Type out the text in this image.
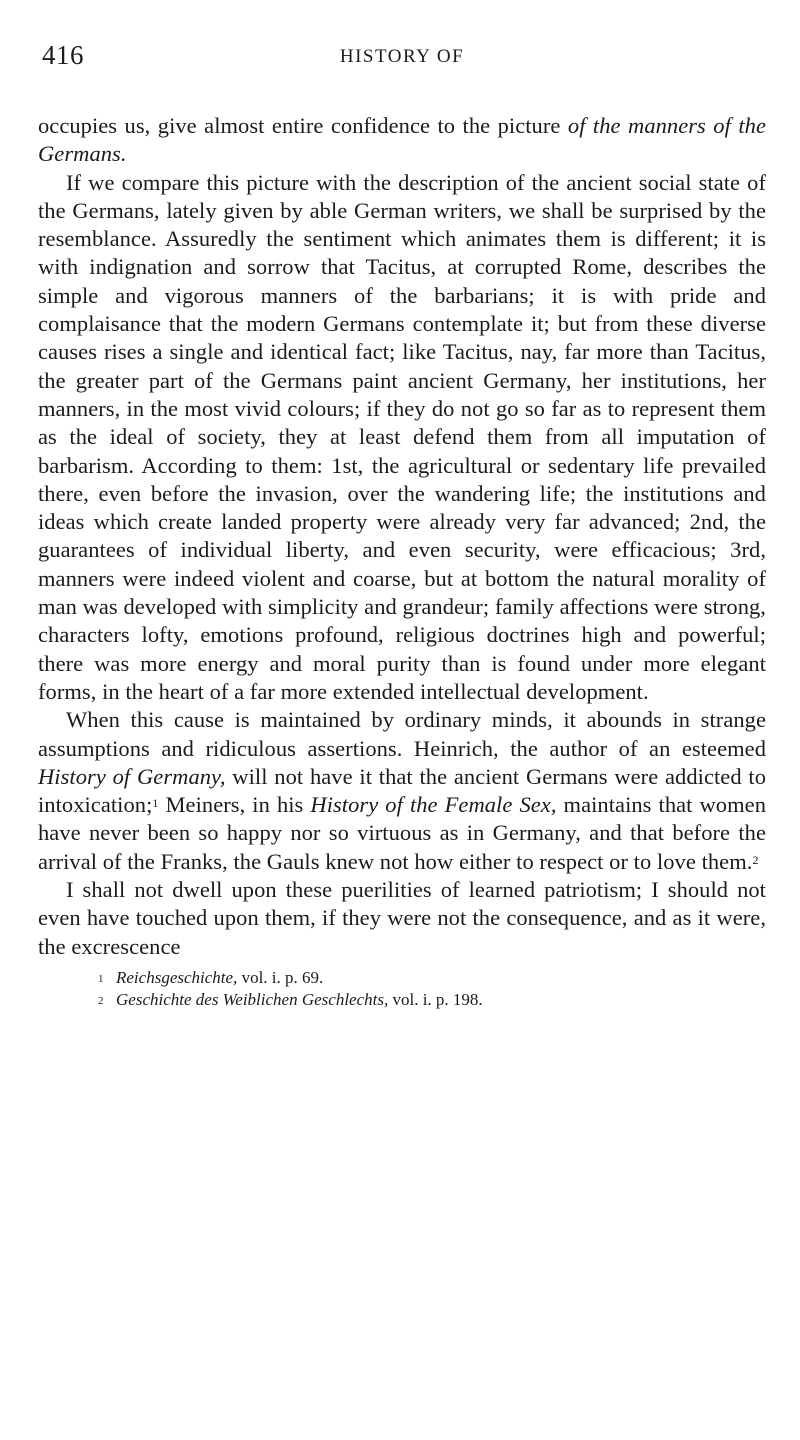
416	HISTORY OF

occupies us, give almost entire confidence to the picture of the manners of the Germans.

If we compare this picture with the description of the ancient social state of the Germans, lately given by able German writers, we shall be surprised by the resemblance. Assuredly the sentiment which animates them is different; it is with indignation and sorrow that Tacitus, at corrupted Rome, describes the simple and vigorous manners of the barbarians; it is with pride and complaisance that the modern Germans contemplate it; but from these diverse causes rises a single and identical fact; like Tacitus, nay, far more than Tacitus, the greater part of the Germans paint ancient Germany, her institutions, her manners, in the most vivid colours; if they do not go so far as to represent them as the ideal of society, they at least defend them from all imputation of barbarism. According to them: 1st, the agricultural or sedentary life prevailed there, even before the invasion, over the wandering life; the institutions and ideas which create landed property were already very far advanced; 2nd, the guarantees of individual liberty, and even security, were efficacious; 3rd, manners were indeed violent and coarse, but at bottom the natural morality of man was developed with simplicity and grandeur; family affections were strong, characters lofty, emotions profound, religious doctrines high and powerful; there was more energy and moral purity than is found under more elegant forms, in the heart of a far more extended intellectual development.

When this cause is maintained by ordinary minds, it abounds in strange assumptions and ridiculous assertions. Heinrich, the author of an esteemed History of Germany, will not have it that the ancient Germans were addicted to intoxication;$^1$ Meiners, in his History of the Female Sex, maintains that women have never been so happy nor so virtuous as in Germany, and that before the arrival of the Franks, the Gauls knew not how either to respect or to love them.$^2$

I shall not dwell upon these puerilities of learned patriotism; I should not even have touched upon them, if they were not the consequence, and as it were, the excrescence

1 Reichsgeschichte, vol. i. p. 69.

2 Geschichte des Weiblichen Geschlechts, vol. i. p. 198.
